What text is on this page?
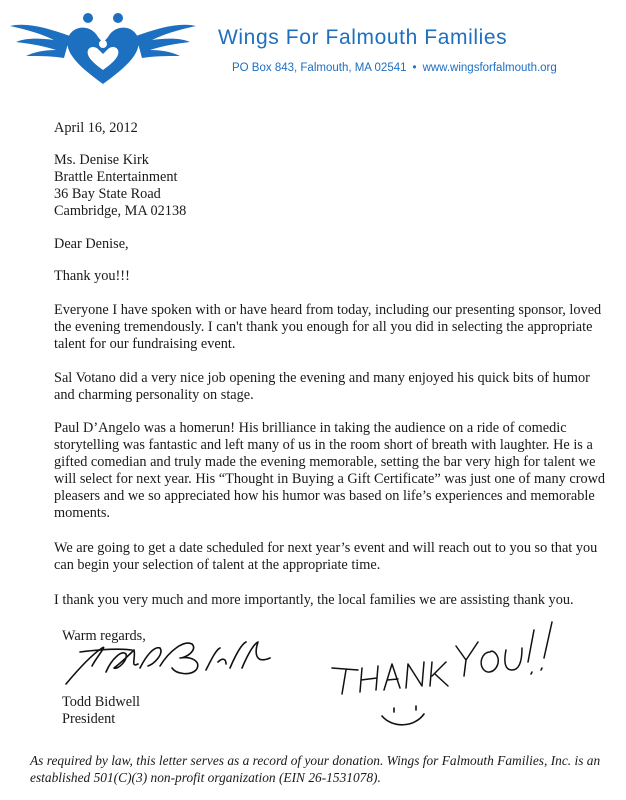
Wings For Falmouth Families
PO Box 843, Falmouth, MA 02541 • www.wingsforfalmouth.org
April 16, 2012
Ms. Denise Kirk
Brattle Entertainment
36 Bay State Road
Cambridge, MA 02138
Dear Denise,
Thank you!!!
Everyone I have spoken with or have heard from today, including our presenting sponsor, loved the evening tremendously. I can't thank you enough for all you did in selecting the appropriate talent for our fundraising event.
Sal Votano did a very nice job opening the evening and many enjoyed his quick bits of humor and charming personality on stage.
Paul D’Angelo was a homerun! His brilliance in taking the audience on a ride of comedic storytelling was fantastic and left many of us in the room short of breath with laughter. He is a gifted comedian and truly made the evening memorable, setting the bar very high for talent we will select for next year. His “Thought in Buying a Gift Certificate” was just one of many crowd pleasers and we so appreciated how his humor was based on life’s experiences and memorable moments.
We are going to get a date scheduled for next year’s event and will reach out to you so that you can begin your selection of talent at the appropriate time.
I thank you very much and more importantly, the local families we are assisting thank you.
Warm regards,
Todd Bidwell
President
As required by law, this letter serves as a record of your donation. Wings for Falmouth Families, Inc. is an established 501(C)(3) non-profit organization (EIN 26-1531078).
